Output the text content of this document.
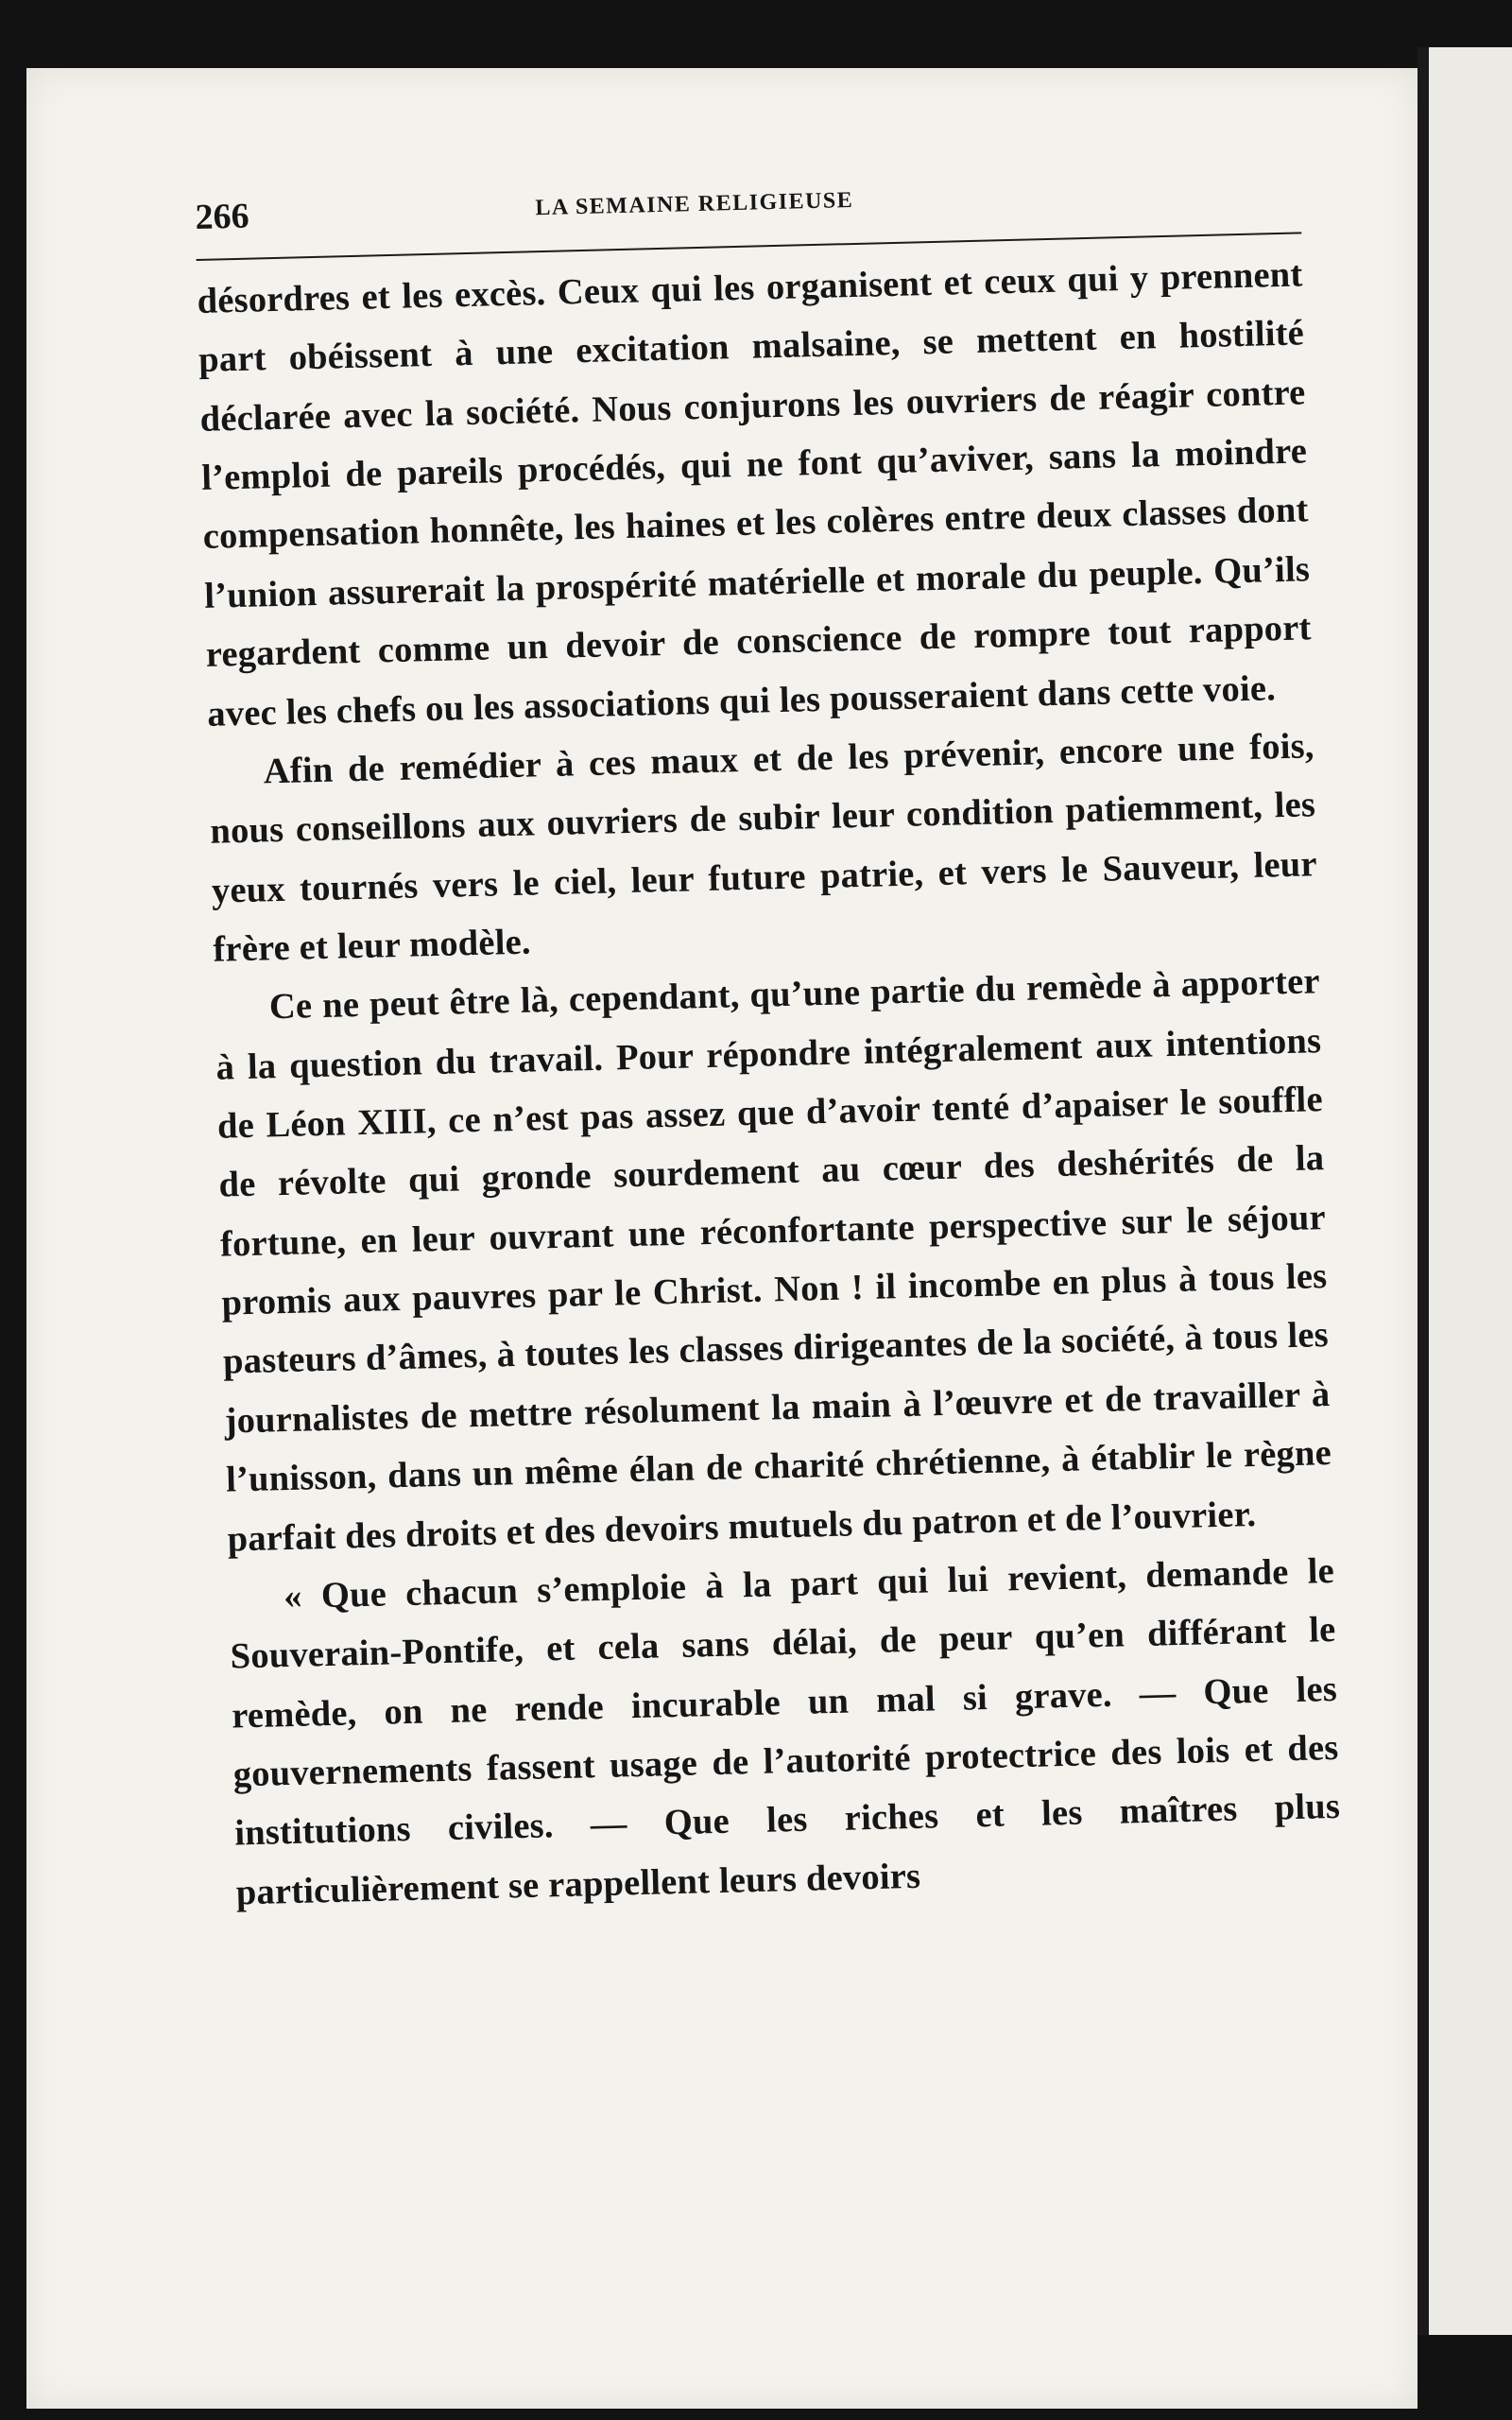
266	LA SEMAINE RELIGIEUSE

désordres et les excès. Ceux qui les organisent et ceux qui y prennent part obéissent à une excitation malsaine, se mettent en hostilité déclarée avec la société. Nous conjurons les ouvriers de réagir contre l’emploi de pareils procédés, qui ne font qu’aviver, sans la moindre compensation honnête, les haines et les colères entre deux classes dont l’union assurerait la prospérité matérielle et morale du peuple. Qu’ils regardent comme un devoir de conscience de rompre tout rapport avec les chefs ou les associations qui les pousseraient dans cette voie.

Afin de remédier à ces maux et de les prévenir, encore une fois, nous conseillons aux ouvriers de subir leur condition patiemment, les yeux tournés vers le ciel, leur future patrie, et vers le Sauveur, leur frère et leur modèle.

Ce ne peut être là, cependant, qu’une partie du remède à apporter à la question du travail. Pour répondre intégralement aux intentions de Léon XIII, ce n’est pas assez que d’avoir tenté d’apaiser le souffle de révolte qui gronde sourdement au cœur des deshérités de la fortune, en leur ouvrant une réconfortante perspective sur le séjour promis aux pauvres par le Christ. Non ! il incombe en plus à tous les pasteurs d’âmes, à toutes les classes dirigeantes de la société, à tous les journalistes de mettre résolument la main à l’œuvre et de travailler à l’unisson, dans un même élan de charité chrétienne, à établir le règne parfait des droits et des devoirs mutuels du patron et de l’ouvrier.

« Que chacun s’emploie à la part qui lui revient, demande le Souverain-Pontife, et cela sans délai, de peur qu’en différant le remède, on ne rende incurable un mal si grave. — Que les gouvernements fassent usage de l’autorité protectrice des lois et des institutions civiles. — Que les riches et les maîtres plus particulièrement se rappellent leurs devoirs
